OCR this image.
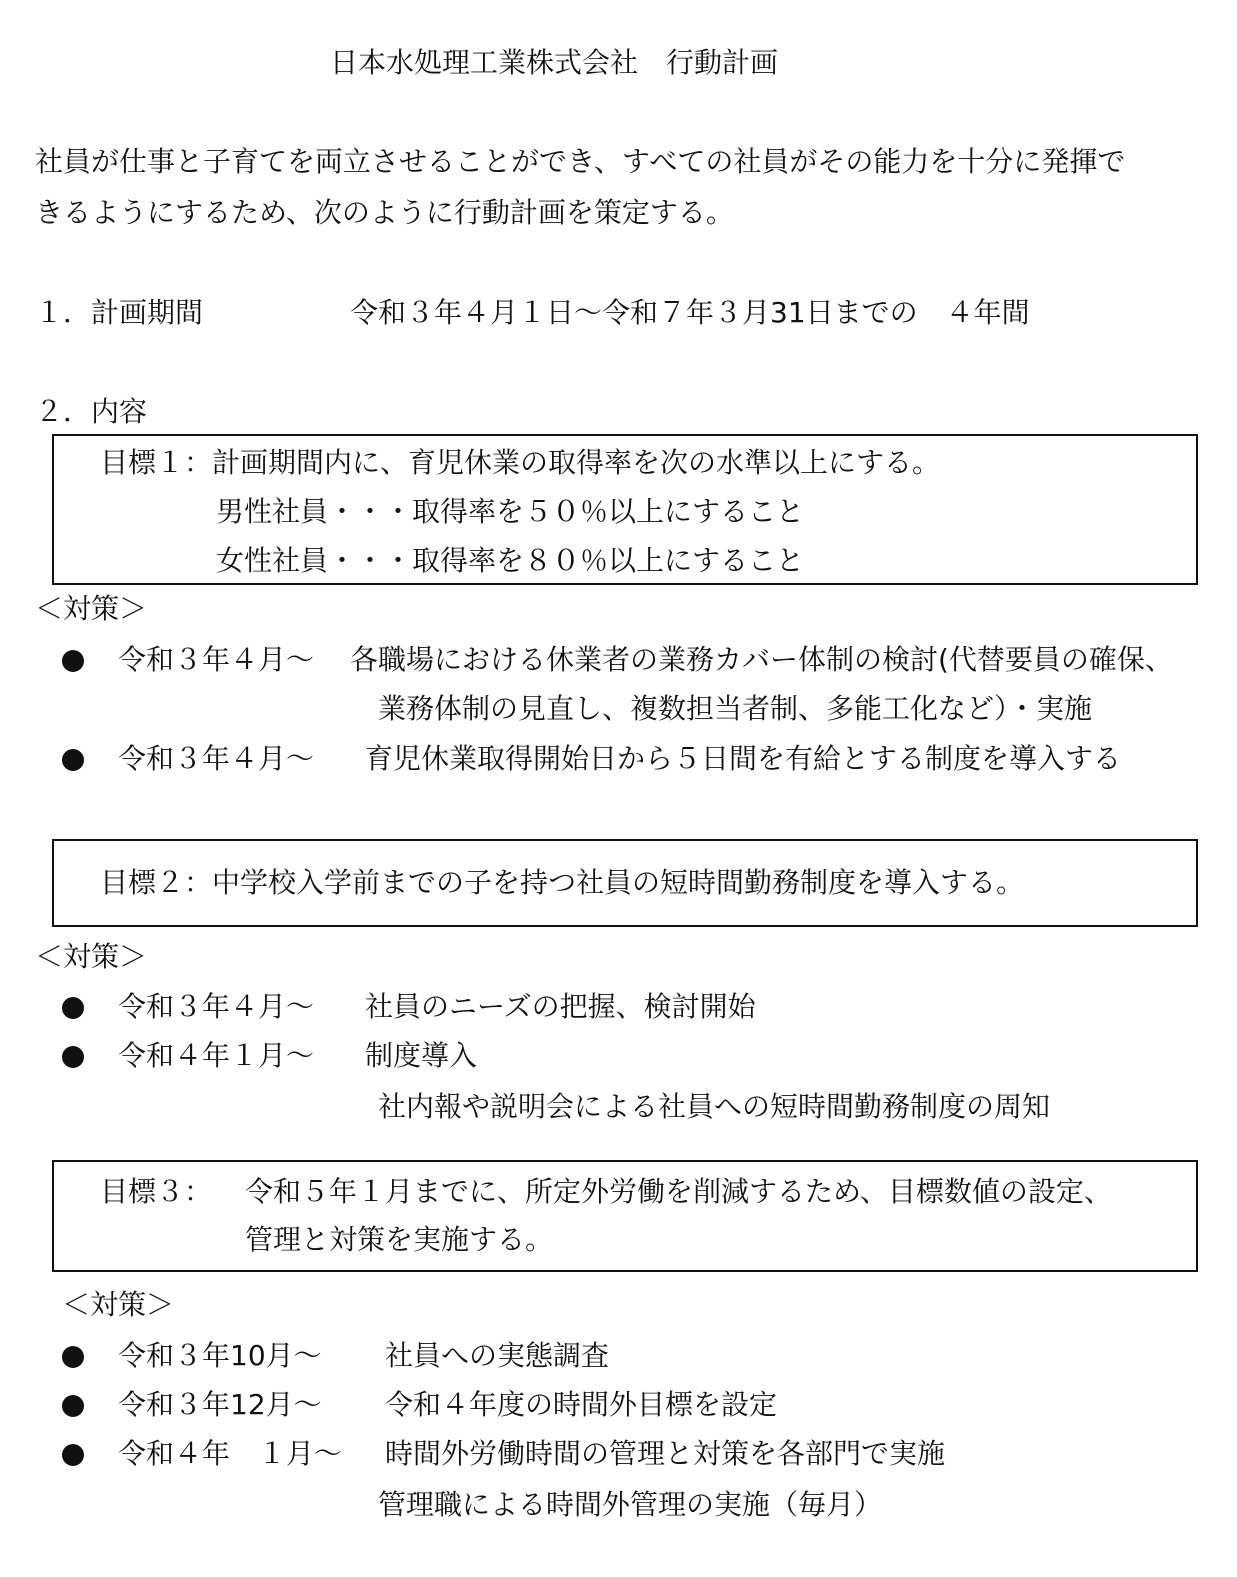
日本水処理工業株式会社　行動計画
社員が仕事と子育てを両立させることができ、すべての社員がその能力を十分に発揮で
きるようにするため、次のように行動計画を策定する。
１．計画期間	令和３年４月１日〜令和７年３月31日までの　４年間
２．内容
目標１：計画期間内に、育児休業の取得率を次の水準以上にする。
男性社員・・・取得率を５０％以上にすること
女性社員・・・取得率を８０％以上にすること
＜対策＞
令和３年４月〜 各職場における休業者の業務カバー体制の検討(代替要員の確保、
業務体制の見直し、複数担当者制、多能工化など）・実施
令和３年４月〜 育児休業取得開始日から５日間を有給とする制度を導入する
目標２：中学校入学前までの子を持つ社員の短時間勤務制度を導入する。
＜対策＞
令和３年４月〜 社員のニーズの把握、検討開始
令和４年１月〜 制度導入
社内報や説明会による社員への短時間勤務制度の周知
目標３： 令和５年１月までに、所定外労働を削減するため、目標数値の設定、
管理と対策を実施する。
＜対策＞
令和３年10月〜 社員への実態調査
令和３年12月〜 令和４年度の時間外目標を設定
令和４年　１月〜 時間外労働時間の管理と対策を各部門で実施
管理職による時間外管理の実施（毎月）
